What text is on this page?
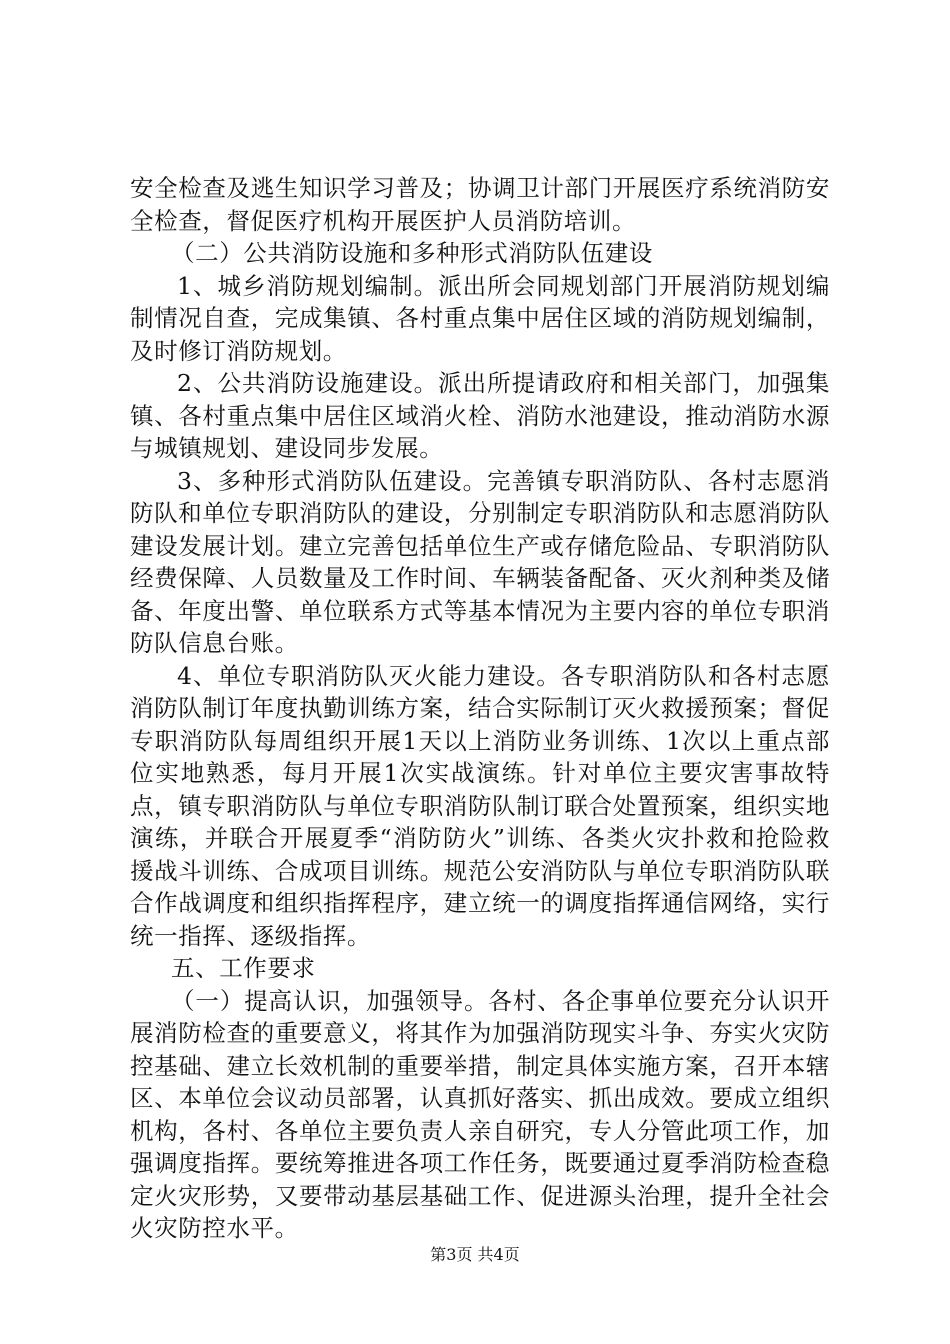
安全检查及逃生知识学习普及；协调卫计部门开展医疗系统消防安全检查，督促医疗机构开展医护人员消防培训。

（二）公共消防设施和多种形式消防队伍建设

1、城乡消防规划编制。派出所会同规划部门开展消防规划编制情况自查，完成集镇、各村重点集中居住区域的消防规划编制，及时修订消防规划。

2、公共消防设施建设。派出所提请政府和相关部门，加强集镇、各村重点集中居住区域消火栓、消防水池建设，推动消防水源与城镇规划、建设同步发展。

3、多种形式消防队伍建设。完善镇专职消防队、各村志愿消防队和单位专职消防队的建设，分别制定专职消防队和志愿消防队建设发展计划。建立完善包括单位生产或存储危险品、专职消防队经费保障、人员数量及工作时间、车辆装备配备、灭火剂种类及储备、年度出警、单位联系方式等基本情况为主要内容的单位专职消防队信息台账。

4、单位专职消防队灭火能力建设。各专职消防队和各村志愿消防队制订年度执勤训练方案，结合实际制订灭火救援预案；督促专职消防队每周组织开展1天以上消防业务训练、1次以上重点部位实地熟悉，每月开展1次实战演练。针对单位主要灾害事故特点，镇专职消防队与单位专职消防队制订联合处置预案，组织实地演练，并联合开展夏季“消防防火”训练、各类火灾扑救和抢险救援战斗训练、合成项目训练。规范公安消防队与单位专职消防队联合作战调度和组织指挥程序，建立统一的调度指挥通信网络，实行统一指挥、逐级指挥。

五、工作要求

（一）提高认识，加强领导。各村、各企事单位要充分认识开展消防检查的重要意义，将其作为加强消防现实斗争、夯实火灾防控基础、建立长效机制的重要举措，制定具体实施方案，召开本辖区、本单位会议动员部署，认真抓好落实、抓出成效。要成立组织机构，各村、各单位主要负责人亲自研究，专人分管此项工作，加强调度指挥。要统筹推进各项工作任务，既要通过夏季消防检查稳定火灾形势，又要带动基层基础工作、促进源头治理，提升全社会火灾防控水平。

第3页 共4页
